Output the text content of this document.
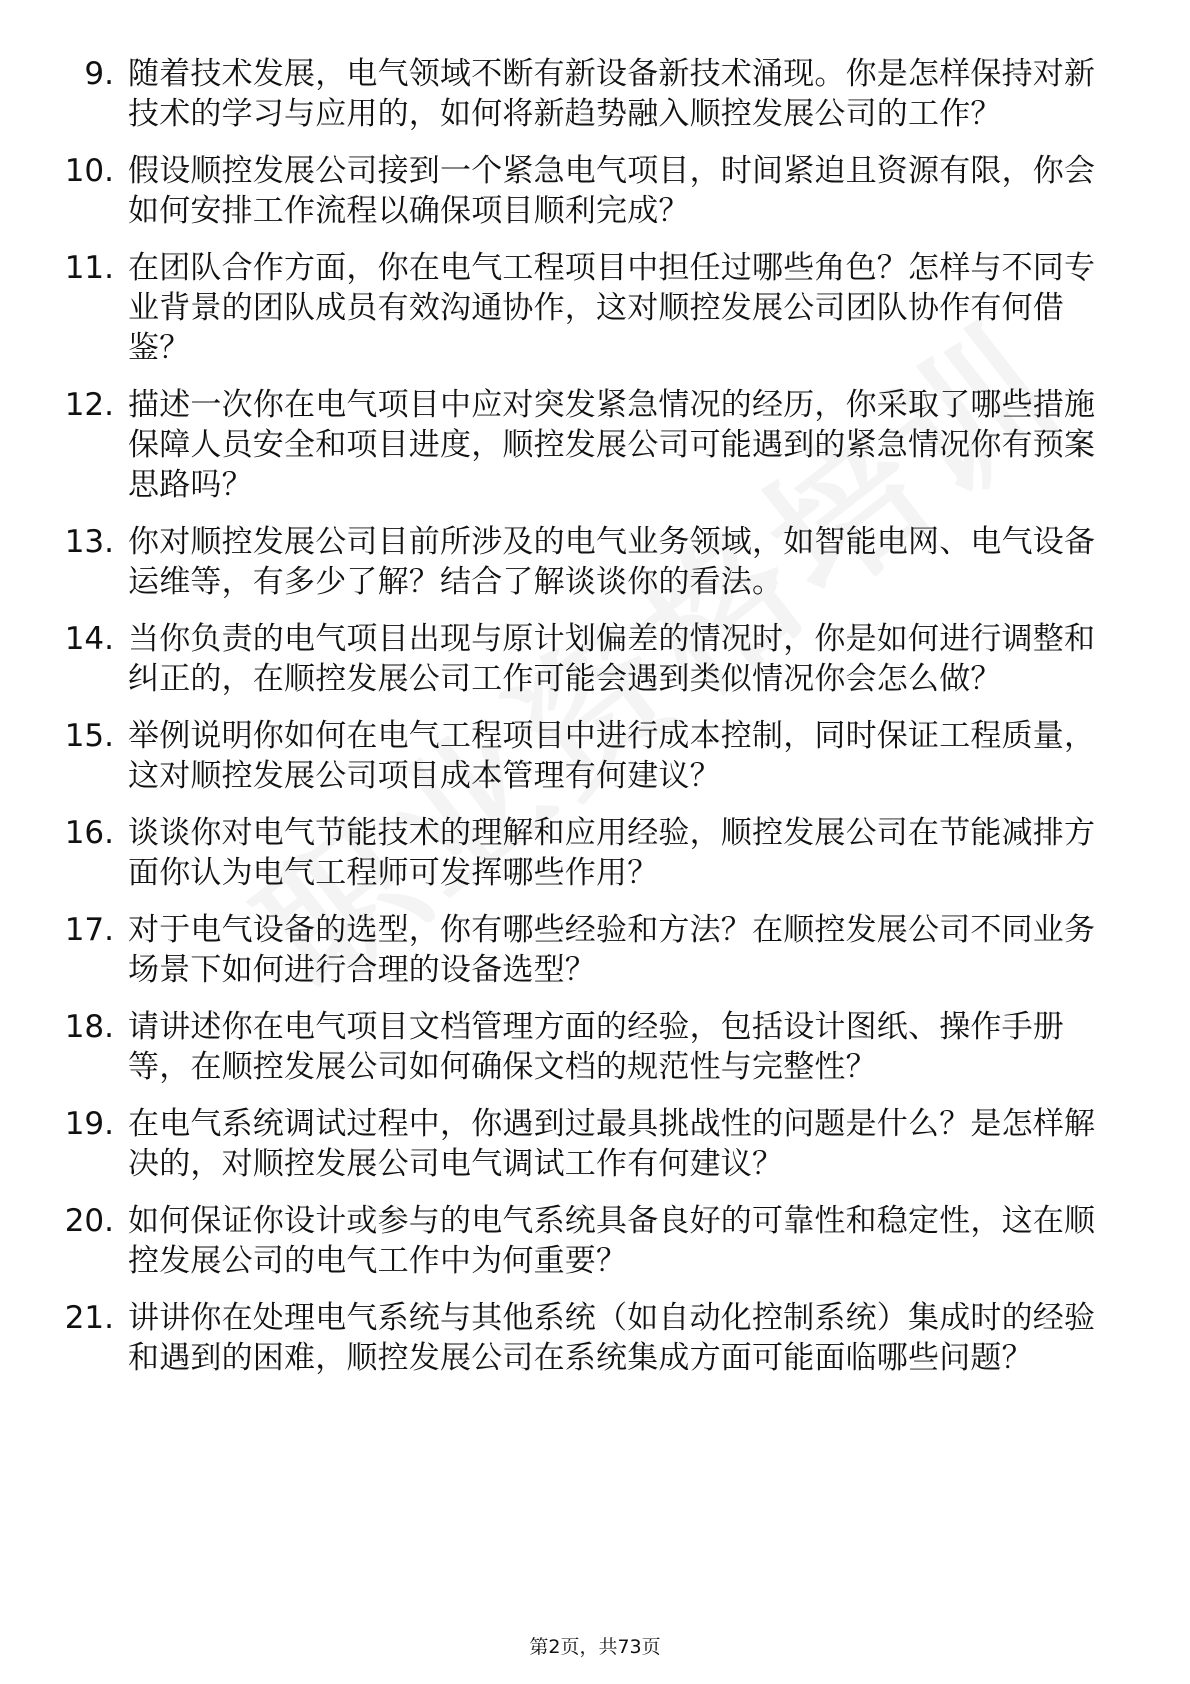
9. 随着技术发展，电气领域不断有新设备新技术涌现。你是怎样保持对新技术的学习与应用的，如何将新趋势融入顺控发展公司的工作？
10. 假设顺控发展公司接到一个紧急电气项目，时间紧迫且资源有限，你会如何安排工作流程以确保项目顺利完成？
11. 在团队合作方面，你在电气工程项目中担任过哪些角色？怎样与不同专业背景的团队成员有效沟通协作，这对顺控发展公司团队协作有何借鉴？
12. 描述一次你在电气项目中应对突发紧急情况的经历，你采取了哪些措施保障人员安全和项目进度，顺控发展公司可能遇到的紧急情况你有预案思路吗？
13. 你对顺控发展公司目前所涉及的电气业务领域，如智能电网、电气设备运维等，有多少了解？结合了解谈谈你的看法。
14. 当你负责的电气项目出现与原计划偏差的情况时，你是如何进行调整和纠正的，在顺控发展公司工作可能会遇到类似情况你会怎么做？
15. 举例说明你如何在电气工程项目中进行成本控制，同时保证工程质量，这对顺控发展公司项目成本管理有何建议？
16. 谈谈你对电气节能技术的理解和应用经验，顺控发展公司在节能减排方面你认为电气工程师可发挥哪些作用？
17. 对于电气设备的选型，你有哪些经验和方法？在顺控发展公司不同业务场景下如何进行合理的设备选型？
18. 请讲述你在电气项目文档管理方面的经验，包括设计图纸、操作手册等，在顺控发展公司如何确保文档的规范性与完整性？
19. 在电气系统调试过程中，你遇到过最具挑战性的问题是什么？是怎样解决的，对顺控发展公司电气调试工作有何建议？
20. 如何保证你设计或参与的电气系统具备良好的可靠性和稳定性，这在顺控发展公司的电气工作中为何重要？
21. 讲讲你在处理电气系统与其他系统（如自动化控制系统）集成时的经验和遇到的困难，顺控发展公司在系统集成方面可能面临哪些问题？
第2页，共73页
